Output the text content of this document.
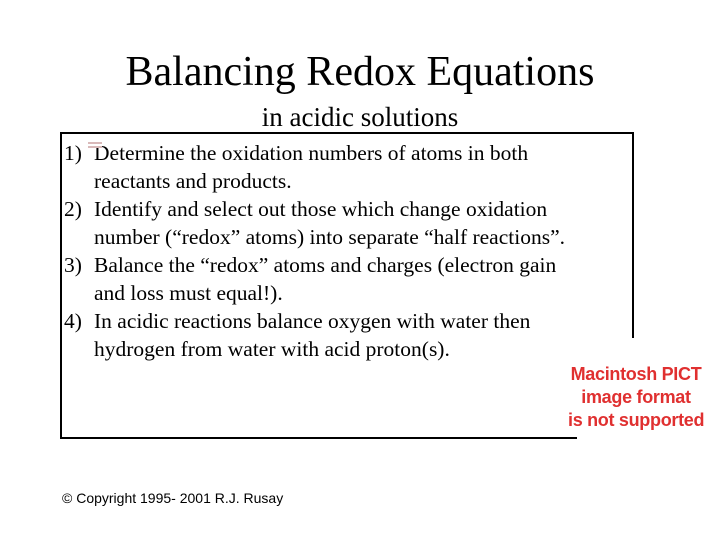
Balancing Redox Equations
in acidic solutions
1) Determine the oxidation numbers of atoms in both
reactants and products.
2) Identify and select out those which change oxidation
number (“redox” atoms) into separate “half reactions”.
3) Balance the “redox” atoms and charges (electron gain
and loss must equal!).
4) In acidic reactions balance oxygen with water then
hydrogen from water with acid proton(s).
Macintosh PICT
image format
is not supported
© Copyright 1995- 2001 R.J. Rusay
